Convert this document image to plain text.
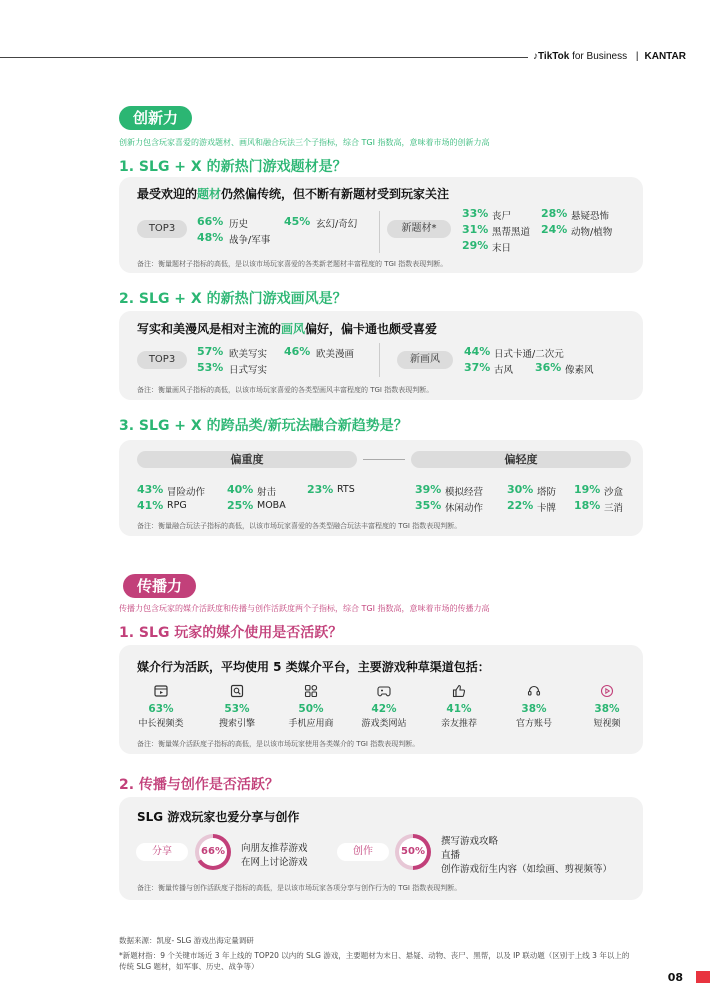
♪TikTok for Business | KANTAR
创新力
创新力包含玩家喜爱的游戏题材、画风和融合玩法三个子指标，综合 TGI 指数高，意味着市场的创新力高
1. SLG + X 的新热门游戏题材是？
最受欢迎的题材仍然偏传统，但不断有新题材受到玩家关注
TOP3
66% 历史	45% 玄幻/奇幻
48% 战争/军事
新题材*
33% 丧尸	28% 悬疑恐怖
31% 黑帮黑道 24% 动物/植物
29% 末日
备注：衡量题材子指标的高低，是以该市场玩家喜爱的各类新老题材丰富程度的 TGI 指数表现判断。
2. SLG + X 的新热门游戏画风是？
写实和美漫风是相对主流的画风偏好，偏卡通也颇受喜爱
TOP3
57% 欧美写实 46% 欧美漫画
53% 日式写实
新画风
44% 日式卡通/二次元
37% 古风 36% 像素风
备注：衡量画风子指标的高低，以该市场玩家喜爱的各类型画风丰富程度的 TGI 指数表现判断。
3. SLG + X 的跨品类/新玩法融合新趋势是？
偏重度	偏轻度
43% 冒险动作 40% 射击	23% RTS
41% RPG	25% MOBA
39% 模拟经营 30% 塔防 19% 沙盒
35% 休闲动作 22% 卡牌 18% 三消
备注：衡量融合玩法子指标的高低，以该市场玩家喜爱的各类型融合玩法丰富程度的 TGI 指数表现判断。
传播力
传播力包含玩家的媒介活跃度和传播与创作活跃度两个子指标，综合 TGI 指数高，意味着市场的传播力高
1. SLG 玩家的媒介使用是否活跃？
媒介行为活跃，平均使用 5 类媒介平台，主要游戏种草渠道包括：
63%
中长视频类
53%
搜索引擎
50%
手机应用商
42%
游戏类网站
41%
亲友推荐
38%
官方账号
38%
短视频
备注：衡量媒介活跃度子指标的高低，是以该市场玩家使用各类媒介的 TGI 指数表现判断。
2. 传播与创作是否活跃？
SLG 游戏玩家也爱分享与创作
分享	66% 向朋友推荐游戏
在网上讨论游戏
创作	50%
撰写游戏攻略
直播
创作游戏衍生内容（如绘画、剪视频等）
备注：衡量传播与创作活跃度子指标的高低，是以该市场玩家各项分享与创作行为的 TGI 指数表现判断。
数据来源：凯度- SLG 游戏出海定量调研
*新题材指：9 个关键市场近 3 年上线的 TOP20 以内的 SLG 游戏，主要题材为末日、悬疑、动物、丧尸、黑帮，以及 IP 联动题（区别于上线 3 年以上的
传统 SLG 题材，如军事、历史、战争等）
08
